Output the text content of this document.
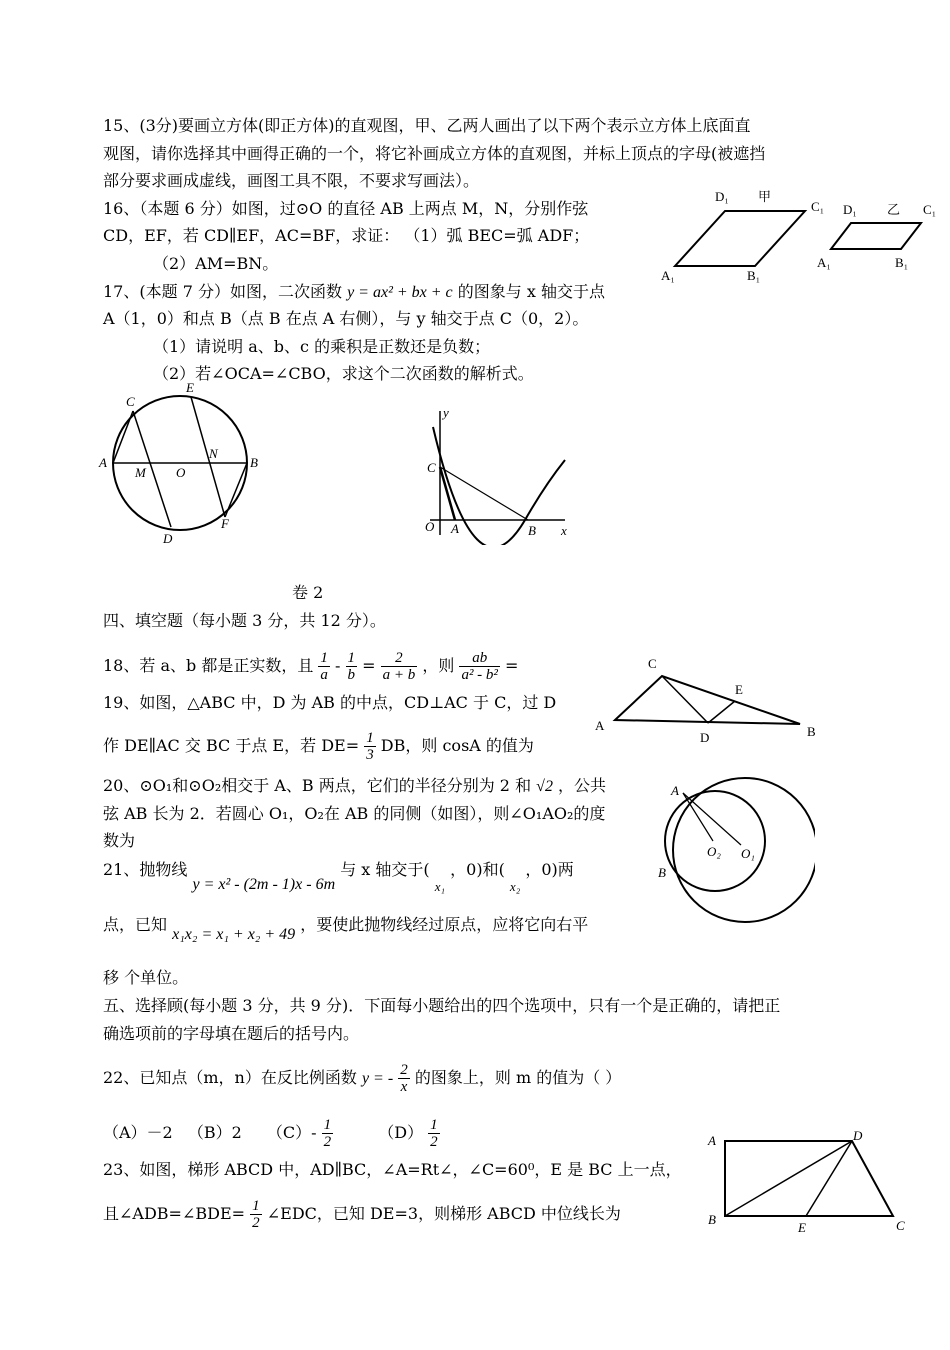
15、(3分)要画立方体(即正方体)的直观图，甲、乙两人画出了以下两个表示立方体上底面直
观图，请你选择其中画得正确的一个，将它补画成立方体的直观图，并标上顶点的字母(被遮挡
部分要求画成虚线，画图工具不限，不要求写画法）。
16、（本题 6 分）如图，过⊙O 的直径 AB 上两点 M，N，分别作弦
CD，EF，若 CD∥EF，AC=BF，求证： （1）弧 BEC=弧 ADF；
（2）AM=BN。
17、(本题 7 分）如图，二次函数 y = ax² + bx + c 的图象与 x 轴交于点
A（1，0）和点 B（点 B 在点 A 右侧），与 y 轴交于点 C（0，2）。
（1）请说明 a、b、c 的乘积是正数还是负数；
（2）若∠OCA=∠CBO，求这个二次函数的解析式。
D₁ 甲
C₁
A₁	B₁
D₁ 乙 C₁
A₁	B₁
C
E
A	B
M O
N
F
D
y
C
O A	B x
卷 2
四、填空题（每小题 3 分，共 12 分）。
18、若 a、b 都是正实数，且 $\frac{1}{a} - \frac{1}{b} = \frac{2}{a + b}$ ，则 $\frac{ab}{\text{a² - b²}}$ =	C
E
A
D	B
19、如图，△ABC 中，D 为 AB 的中点，CD⊥AC 于 C，过 D
作 DE∥AC 交 BC 于点 E，若 $DE= \frac{1}{3}$ DB，则 cosA 的值为
20、⊙O₁和⊙O₂相交于 A、B 两点，它们的半径分别为 2 和 √2 ，公共
弦 AB 长为 2．若圆心 O₁，O₂在 AB 的同侧（如图），则∠O₁AO₂的度
数为
A
O₂ O₁
B
21、抛物线 y = x² - (2m - 1)x - 6m 与 x 轴交于( $_{x_1}$ ，0)和( $_{x_2}$ ，0)两
点，已知 x₁x₂ = x₁ + x₂ + 49 ，要使此抛物线经过原点，应将它向右平
移 个单位。
五、选择顾(每小题 3 分，共 9 分)．下面每小题给出的四个选项中，只有一个是正确的，请把正
确选项前的字母填在题后的括号内。
22、已知点（m，n）在反比例函数 y = - $\frac{2}{x}$ 的图象上，则 m 的值为（ ）
（A）－2 （B）2 $(C)- \frac{1}{2}$	$(D) \frac{1}{2}$	A	D
B
E	C
23、如图，梯形 ABCD 中，AD∥BC，∠A=Rt∠，∠C=60⁰，E 是 BC 上一点，
且∠ADB=∠BDE= $\frac{1}{2}$ ∠EDC，已知 DE=3，则梯形 ABCD 中位线长为
